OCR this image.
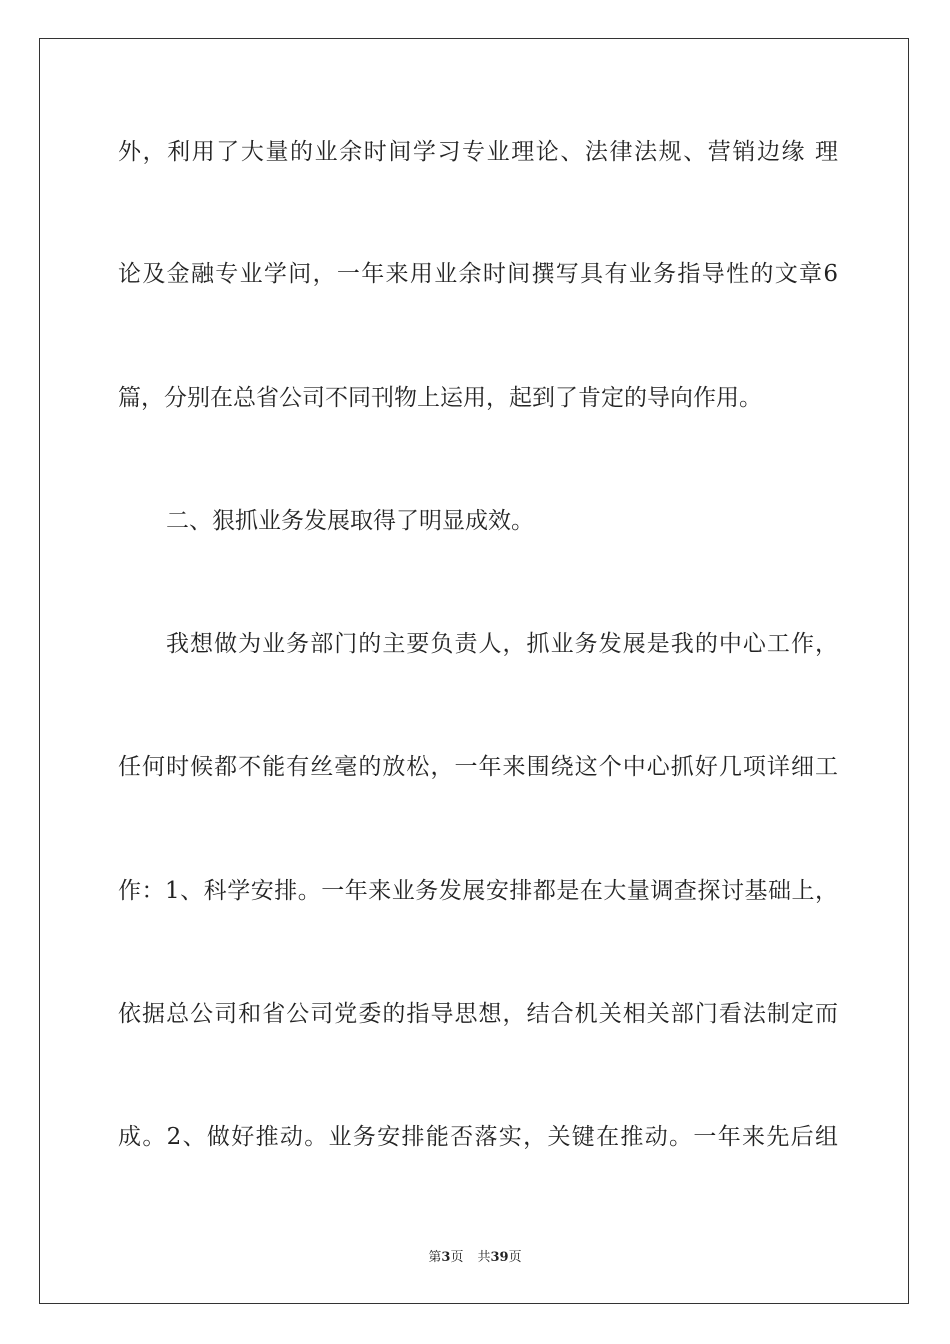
外，利用了大量的业余时间学习专业理论、法律法规、营销边缘 理
论及金融专业学问，一年来用业余时间撰写具有业务指导性的文章6
篇，分别在总省公司不同刊物上运用，起到了肯定的导向作用。
二、狠抓业务发展取得了明显成效。
我想做为业务部门的主要负责人，抓业务发展是我的中心工作，
任何时候都不能有丝毫的放松，一年来围绕这个中心抓好几项详细工
作：1、科学安排。一年来业务发展安排都是在大量调查探讨基础上，
依据总公司和省公司党委的指导思想，结合机关相关部门看法制定而
成。2、做好推动。业务安排能否落实，关键在推动。一年来先后组
第3页 共39页
